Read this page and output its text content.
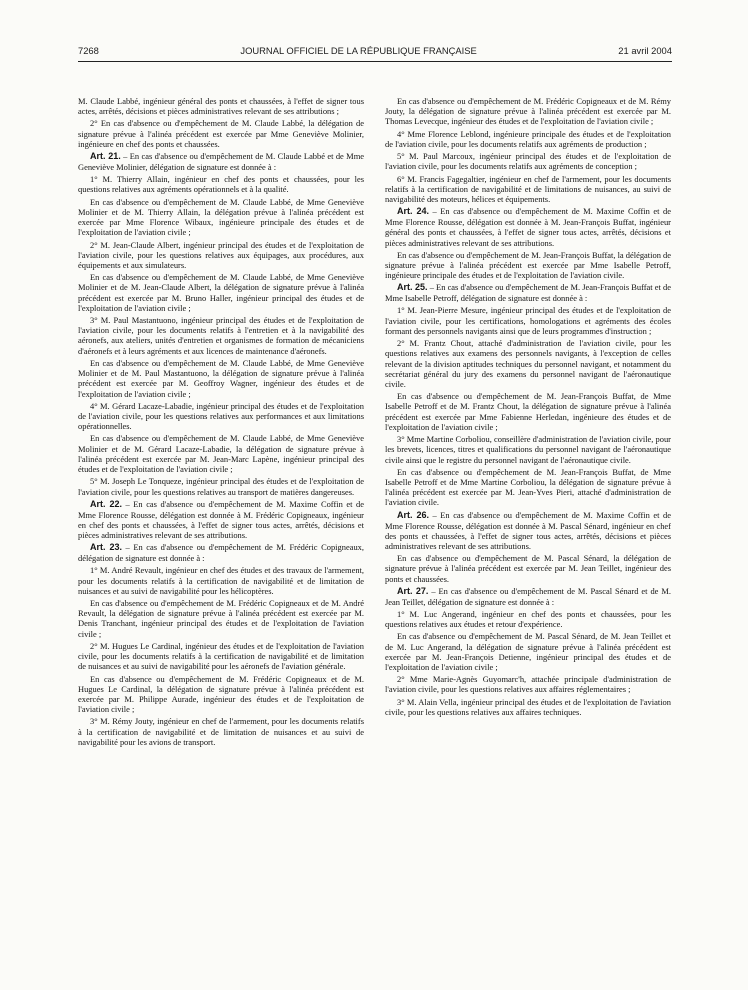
7268	JOURNAL OFFICIEL DE LA RÉPUBLIQUE FRANÇAISE	21 avril 2004

M. Claude Labbé, ingénieur général des ponts et chaussées, à l'effet de signer tous actes, arrêtés, décisions et pièces administratives relevant de ses attributions ;

2° En cas d'absence ou d'empêchement de M. Claude Labbé, la délégation de signature prévue à l'alinéa précédent est exercée par Mme Geneviève Molinier, ingénieure en chef des ponts et chaussées.

Art. 21. – En cas d'absence ou d'empêchement de M. Claude Labbé et de Mme Geneviève Molinier, délégation de signature est donnée à :

1° M. Thierry Allain, ingénieur en chef des ponts et chaussées, pour les questions relatives aux agréments opérationnels et à la qualité.

En cas d'absence ou d'empêchement de M. Claude Labbé, de Mme Geneviève Molinier et de M. Thierry Allain, la délégation prévue à l'alinéa précédent est exercée par Mme Florence Wibaux, ingénieure principale des études et de l'exploitation de l'aviation civile ;

2° M. Jean-Claude Albert, ingénieur principal des études et de l'exploitation de l'aviation civile, pour les questions relatives aux équipages, aux procédures, aux équipements et aux simulateurs.

En cas d'absence ou d'empêchement de M. Claude Labbé, de Mme Geneviève Molinier et de M. Jean-Claude Albert, la délégation de signature prévue à l'alinéa précédent est exercée par M. Bruno Haller, ingénieur principal des études et de l'exploitation de l'aviation civile ;

3° M. Paul Mastantuono, ingénieur principal des études et de l'exploitation de l'aviation civile, pour les documents relatifs à l'entretien et à la navigabilité des aéronefs, aux ateliers, unités d'entretien et organismes de formation de mécaniciens d'aéronefs et à leurs agréments et aux licences de maintenance d'aéronefs.

En cas d'absence ou d'empêchement de M. Claude Labbé, de Mme Geneviève Molinier et de M. Paul Mastantuono, la délégation de signature prévue à l'alinéa précédent est exercée par M. Geoffroy Wagner, ingénieur des études et de l'exploitation de l'aviation civile ;

4° M. Gérard Lacaze-Labadie, ingénieur principal des études et de l'exploitation de l'aviation civile, pour les questions relatives aux performances et aux limitations opérationnelles.

En cas d'absence ou d'empêchement de M. Claude Labbé, de Mme Geneviève Molinier et de M. Gérard Lacaze-Labadie, la délégation de signature prévue à l'alinéa précédent est exercée par M. Jean-Marc Lapène, ingénieur principal des études et de l'exploitation de l'aviation civile ;

5° M. Joseph Le Tonqueze, ingénieur principal des études et de l'exploitation de l'aviation civile, pour les questions relatives au transport de matières dangereuses.

Art. 22. – En cas d'absence ou d'empêchement de M. Maxime Coffin et de Mme Florence Rousse, délégation est donnée à M. Frédéric Copigneaux, ingénieur en chef des ponts et chaussées, à l'effet de signer tous actes, arrêtés, décisions et pièces administratives relevant de ses attributions.

Art. 23. – En cas d'absence ou d'empêchement de M. Frédéric Copigneaux, délégation de signature est donnée à :

1° M. André Revault, ingénieur en chef des études et des travaux de l'armement, pour les documents relatifs à la certification de navigabilité et de limitation de nuisances et au suivi de navigabilité pour les hélicoptères.

En cas d'absence ou d'empêchement de M. Frédéric Copigneaux et de M. André Revault, la délégation de signature prévue à l'alinéa précédent est exercée par M. Denis Tranchant, ingénieur principal des études et de l'exploitation de l'aviation civile ;

2° M. Hugues Le Cardinal, ingénieur des études et de l'exploitation de l'aviation civile, pour les documents relatifs à la certification de navigabilité et de limitation de nuisances et au suivi de navigabilité pour les aéronefs de l'aviation générale.

En cas d'absence ou d'empêchement de M. Frédéric Copigneaux et de M. Hugues Le Cardinal, la délégation de signature prévue à l'alinéa précédent est exercée par M. Philippe Aurade, ingénieur des études et de l'exploitation de l'aviation civile ;

3° M. Rémy Jouty, ingénieur en chef de l'armement, pour les documents relatifs à la certification de navigabilité et de limitation de nuisances et au suivi de navigabilité pour les avions de transport.

En cas d'absence ou d'empêchement de M. Frédéric Copigneaux et de M. Rémy Jouty, la délégation de signature prévue à l'alinéa précédent est exercée par M. Thomas Levecque, ingénieur des études et de l'exploitation de l'aviation civile ;

4° Mme Florence Leblond, ingénieure principale des études et de l'exploitation de l'aviation civile, pour les documents relatifs aux agréments de production ;

5° M. Paul Marcoux, ingénieur principal des études et de l'exploitation de l'aviation civile, pour les documents relatifs aux agréments de conception ;

6° M. Francis Fagegaltier, ingénieur en chef de l'armement, pour les documents relatifs à la certification de navigabilité et de limitations de nuisances, au suivi de navigabilité des moteurs, hélices et équipements.

Art. 24. – En cas d'absence ou d'empêchement de M. Maxime Coffin et de Mme Florence Rousse, délégation est donnée à M. Jean-François Buffat, ingénieur général des ponts et chaussées, à l'effet de signer tous actes, arrêtés, décisions et pièces administratives relevant de ses attributions.

En cas d'absence ou d'empêchement de M. Jean-François Buffat, la délégation de signature prévue à l'alinéa précédent est exercée par Mme Isabelle Petroff, ingénieure principale des études et de l'exploitation de l'aviation civile.

Art. 25. – En cas d'absence ou d'empêchement de M. Jean-François Buffat et de Mme Isabelle Petroff, délégation de signature est donnée à :

1° M. Jean-Pierre Mesure, ingénieur principal des études et de l'exploitation de l'aviation civile, pour les certifications, homologations et agréments des écoles formant des personnels navigants ainsi que de leurs programmes d'instruction ;

2° M. Frantz Chout, attaché d'administration de l'aviation civile, pour les questions relatives aux examens des personnels navigants, à l'exception de celles relevant de la division aptitudes techniques du personnel navigant, et notamment du secrétariat général du jury des examens du personnel navigant de l'aéronautique civile.

En cas d'absence ou d'empêchement de M. Jean-François Buffat, de Mme Isabelle Petroff et de M. Frantz Chout, la délégation de signature prévue à l'alinéa précédent est exercée par Mme Fabienne Herledan, ingénieure des études et de l'exploitation de l'aviation civile ;

3° Mme Martine Corboliou, conseillère d'administration de l'aviation civile, pour les brevets, licences, titres et qualifications du personnel navigant de l'aéronautique civile ainsi que le registre du personnel navigant de l'aéronautique civile.

En cas d'absence ou d'empêchement de M. Jean-François Buffat, de Mme Isabelle Petroff et de Mme Martine Corboliou, la délégation de signature prévue à l'alinéa précédent est exercée par M. Jean-Yves Pieri, attaché d'administration de l'aviation civile.

Art. 26. – En cas d'absence ou d'empêchement de M. Maxime Coffin et de Mme Florence Rousse, délégation est donnée à M. Pascal Sénard, ingénieur en chef des ponts et chaussées, à l'effet de signer tous actes, arrêtés, décisions et pièces administratives relevant de ses attributions.

En cas d'absence ou d'empêchement de M. Pascal Sénard, la délégation de signature prévue à l'alinéa précédent est exercée par M. Jean Teillet, ingénieur des ponts et chaussées.

Art. 27. – En cas d'absence ou d'empêchement de M. Pascal Sénard et de M. Jean Teillet, délégation de signature est donnée à :

1° M. Luc Angerand, ingénieur en chef des ponts et chaussées, pour les questions relatives aux études et retour d'expérience.

En cas d'absence ou d'empêchement de M. Pascal Sénard, de M. Jean Teillet et de M. Luc Angerand, la délégation de signature prévue à l'alinéa précédent est exercée par M. Jean-François Detienne, ingénieur principal des études et de l'exploitation de l'aviation civile ;

2° Mme Marie-Agnès Guyomarc'h, attachée principale d'administration de l'aviation civile, pour les questions relatives aux affaires réglementaires ;

3° M. Alain Vella, ingénieur principal des études et de l'exploitation de l'aviation civile, pour les questions relatives aux affaires techniques.
